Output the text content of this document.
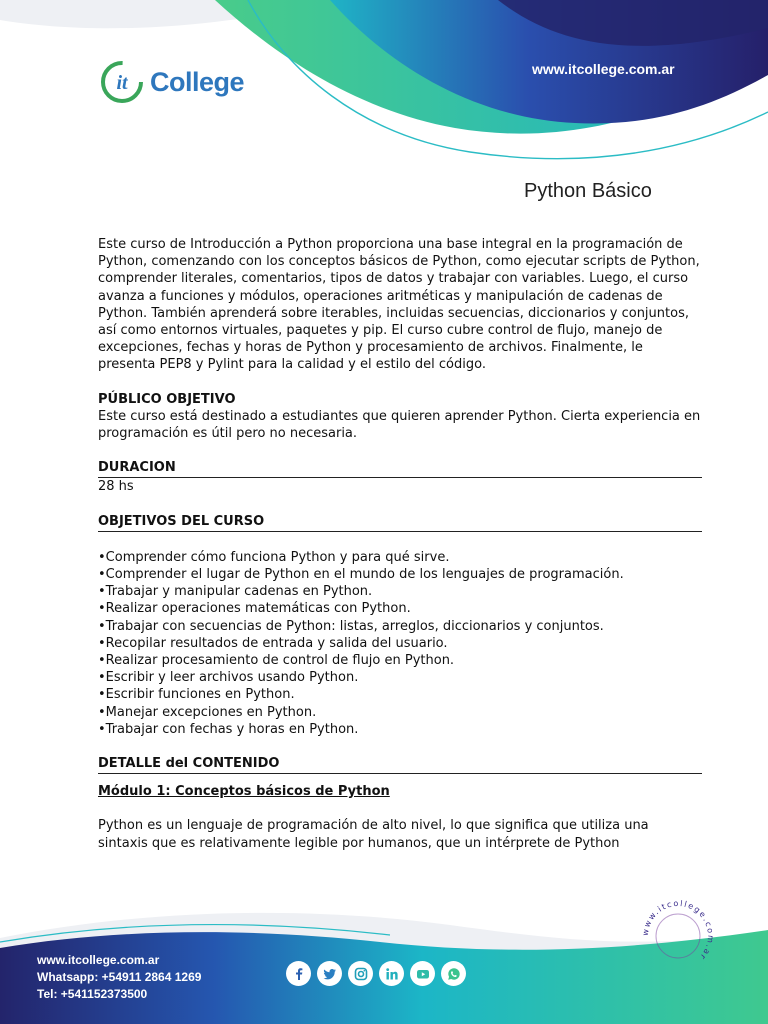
it College	www.itcollege.com.ar
Python Básico

Este curso de Introducción a Python proporciona una base integral en la programación de Python, comenzando con los conceptos básicos de Python, como ejecutar scripts de Python, comprender literales, comentarios, tipos de datos y trabajar con variables. Luego, el curso avanza a funciones y módulos, operaciones aritméticas y manipulación de cadenas de Python. También aprenderá sobre iterables, incluidas secuencias, diccionarios y conjuntos, así como entornos virtuales, paquetes y pip. El curso cubre control de flujo, manejo de excepciones, fechas y horas de Python y procesamiento de archivos. Finalmente, le presenta PEP8 y Pylint para la calidad y el estilo del código.

PÚBLICO OBJETIVO

Este curso está destinado a estudiantes que quieren aprender Python. Cierta experiencia en programación es útil pero no necesaria.

DURACION

28 hs

OBJETIVOS DEL CURSO

• Comprender cómo funciona Python y para qué sirve.
• Comprender el lugar de Python en el mundo de los lenguajes de programación.
• Trabajar y manipular cadenas en Python.
• Realizar operaciones matemáticas con Python.
• Trabajar con secuencias de Python: listas, arreglos, diccionarios y conjuntos.
• Recopilar resultados de entrada y salida del usuario.
• Realizar procesamiento de control de flujo en Python.
• Escribir y leer archivos usando Python.
• Escribir funciones en Python.
• Manejar excepciones en Python.
• Trabajar con fechas y horas en Python.

DETALLE del CONTENIDO

Módulo 1: Conceptos básicos de Python

Python es un lenguaje de programación de alto nivel, lo que significa que utiliza una sintaxis que es relativamente legible por humanos, que un intérprete de Python

www.itcollege.com.ar
Whatsapp: +54911 2864 1269
Tel: +541152373500
www.itcollege.com.ar
